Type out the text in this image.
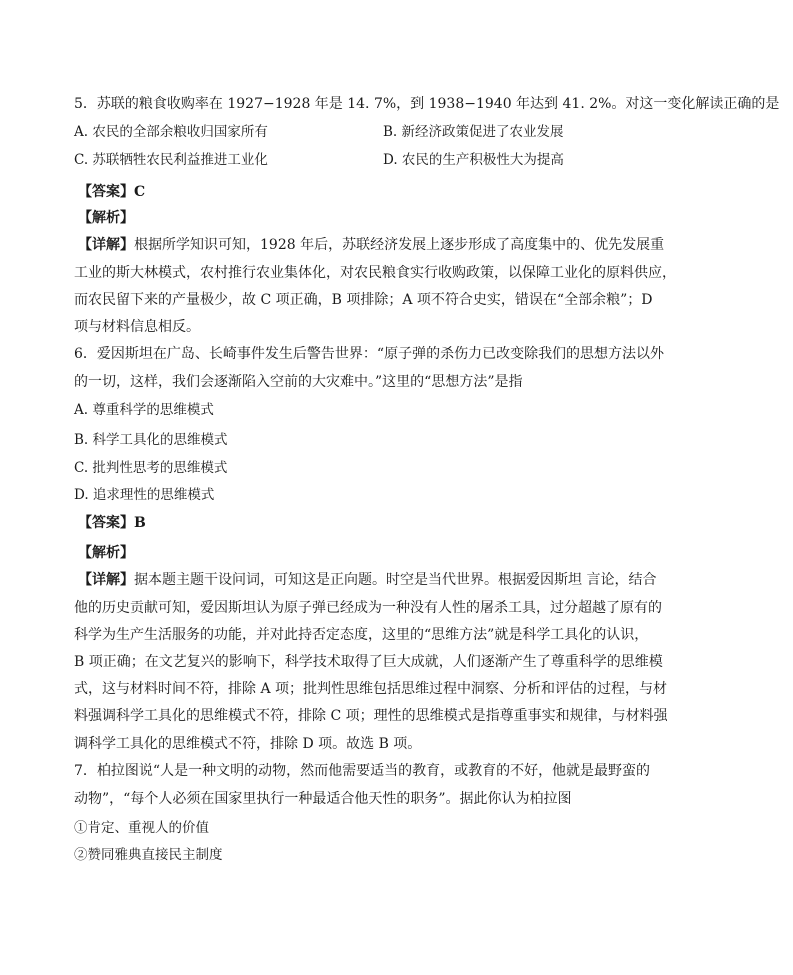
5．苏联的粮食收购率在 1927−1928 年是 14. 7%，到 1938−1940 年达到 41. 2%。对这一变化解读正确的是
A. 农民的全部余粮收归国家所有	B. 新经济政策促进了农业发展
C. 苏联牺牲农民利益推进工业化	D. 农民的生产积极性大为提高
【答案】C
【解析】
【详解】根据所学知识可知，1928 年后，苏联经济发展上逐步形成了高度集中的、优先发展重
工业的斯大林模式，农村推行农业集体化，对农民粮食实行收购政策，以保障工业化的原料供应，
而农民留下来的产量极少，故 C 项正确，B 项排除；A 项不符合史实，错误在“全部余粮”；D
项与材料信息相反。
6．爱因斯坦在广岛、长崎事件发生后警告世界：“原子弹的杀伤力已改变除我们的思想方法以外
的一切，这样，我们会逐渐陷入空前的大灾难中。”这里的“思想方法”是指
A. 尊重科学的思维模式
B. 科学工具化的思维模式
C. 批判性思考的思维模式
D. 追求理性的思维模式
【答案】B
【解析】
【详解】据本题主题干设问词，可知这是正向题。时空是当代世界。根据爱因斯坦 言论，结合
他的历史贡献可知，爱因斯坦认为原子弹已经成为一种没有人性的屠杀工具，过分超越了原有的
科学为生产生活服务的功能，并对此持否定态度，这里的“思维方法”就是科学工具化的认识，
B 项正确；在文艺复兴的影响下，科学技术取得了巨大成就，人们逐渐产生了尊重科学的思维模
式，这与材料时间不符，排除 A 项；批判性思维包括思维过程中洞察、分析和评估的过程，与材
料强调科学工具化的思维模式不符，排除 C 项；理性的思维模式是指尊重事实和规律，与材料强
调科学工具化的思维模式不符，排除 D 项。故选 B 项。
7．柏拉图说“人是一种文明的动物，然而他需要适当的教育，或教育的不好，他就是最野蛮的
动物”，“每个人必须在国家里执行一种最适合他天性的职务”。据此你认为柏拉图
①肯定、重视人的价值
②赞同雅典直接民主制度
